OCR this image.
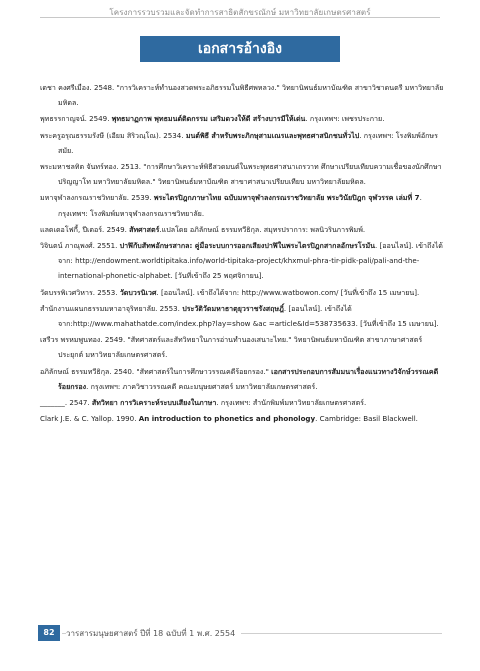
โครงการรวบรวมและจัดทำการสาธิตสักขรณักษ์ มหาวิทยาลัยเกษตรศาสตร์
เอกสารอ้างอิง
เดชา คงศรีเมือง. 2548. "การวิเคราะห์ทำนองสวดพระอภิธรรมในพิธีศพหลวง." วิทยานิพนธ์มหาบัณฑิต สาขาวิชาดนตรี มหาวิทยาลัยมหิดล.
พุทธรรกาญจน์. 2549. พุทธมาฏกาพ พุทธมนต์ติดกรรม เสริมดวงให้ดี สร้างบารมีให้เด่น. กรุงเทพฯ: เพชรประกาย.
พระครูอรุณธรรมรังษี (เอียม สิริวณฺโณ). 2534. มนต์พิธี สำหรับพระภิกษุสามเณรและพุทธศาสนิกชนทั่วไป. กรุงเทพฯ: โรงพิมพ์อักษรสมัย.
พระมหาชลทิต จันทร์ทอง. 2513. "การศึกษาวิเคราะห์พิธีสวดมนต์ในพระพุทธศาสนาเถรวาท ศึกษาเปรียบเทียบความเชื่อของนักศึกษาปริญญาโท มหาวิทยาลัยมหิดล." วิทยานิพนธ์มหาบัณฑิต สาขาศาสนาเปรียบเทียบ มหาวิทยาลัยมหิดล.
มหาจุฬาลงกรณราชวิทยาลัย. 2539. พระไตรปิฎกภาษาไทย ฉบับมหาจุฬาลงกรณราชวิทยาลัย พระวินัยปิฎก จุฬวรรค เล่มที่ 7. กรุงเทพฯ: โรงพิมพ์มหาจุฬาลงกรณราชวิทยาลัย.
แลดเดอโฟกี้, ปีเตอร์. 2549. สัทศาสตร์.แปลโดย อภิลักษณ์ ธรรมทวีธิกุล. สมุทรปราการ: พลนิวรินการพิมพ์.
วิจินตน์ ภาณุพงศ์. 2551. ปาฬิกับสัทพอักษรสากล: คู่มือระบบการออกเสียงปาฬิในพระไตรปิฎกสากลอักษรโรมัน. [ออนไลน์]. เข้าถึงได้จาก: http://endowment.worldtipitaka.info/world-tipitaka-project/khxmul-phra-tir-pidk-pali/pali-and-the-international-phonetic-alphabet. [วันที่เข้าถึง 25 พฤศจิกายน].
วัดบรรพิเวศวิหาร. 2553. วัดบวรนิเวศ. [ออนไลน์]. เข้าถึงได้จาก: http://www.watbowon.com/ [วันที่เข้าถึง 15 เมษายน].
สำนักงานแผนกธรรมมหาอาจุริทยาลัย. 2553. ประวัติวัดมหาธาตุยุวราชรังสฤษฎิ์. [ออนไลน์]. เข้าถึงได้จาก:http://www.mahathatde.com/index.php?lay=show &ac =article&Id=538735633. [วันที่เข้าถึง 15 เมษายน].
เสรีวร พรหมพูนทอง. 2549. "สัทศาสตร์และสัทวิทยาในการอ่านทำนองเสนาะไทย." วิทยานิพนธ์มหาบัณฑิต สาขาภาษาศาสตร์ประยุกต์ มหาวิทยาลัยเกษตรศาสตร์.
อภิลักษณ์ ธรรมทวีธิกุล. 2540. "สัทศาสตร์ในการศึกษาวรรณคดีร้อยกรอง." เอกสารประกอบการสัมมนาเรื่องแนวทางวิจักษ์วรรณคดีร้อยกรอง. กรุงเทพฯ: ภาควิชาวรรณคดี คณะมนุษยศาสตร์ มหาวิทยาลัยเกษตรศาสตร์.
_______. 2547. สัทวิทยา การวิเคราะห์ระบบเสียงในภาษา. กรุงเทพฯ: สำนักพิมพ์มหาวิทยาลัยเกษตรศาสตร์.
Clark J.E. & C. Yallop. 1990. An introduction to phonetics and phonology. Cambridge: Basil Blackwell.
82	วารสารมนุษยศาสตร์ ปีที่ 18 ฉบับที่ 1 พ.ศ. 2554
